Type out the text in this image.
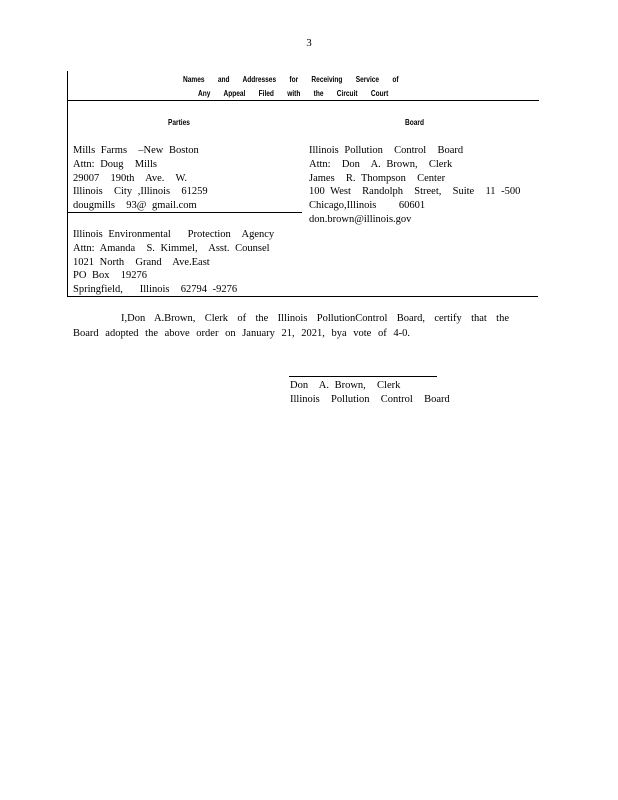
3
Names and Addresses for Receiving Service of
Any Appeal Filed with the Circuit Court
Parties	Board
Mills Farms  –New Boston
Attn: Doug  Mills
29007  190th  Ave.  W.
Illinois  City ,Illinois  61259
dougmills  93@ gmail.com
Illinois Environmental   Protection  Agency
Attn: Amanda  S. Kimmel,  Asst. Counsel
1021 North  Grand  Ave.East
PO Box  19276
Springfield,   Illinois  62794 -9276
Illinois Pollution  Control  Board
Attn:  Don  A. Brown,  Clerk
James  R. Thompson  Center
100 West  Randolph  Street,  Suite  11 -500
Chicago,Illinois    60601
don.brown@illinois.gov
I,Don A.Brown, Clerk of the Illinois PollutionControl Board, certify that the Board adopted the above order on January 21, 2021, bya vote of 4-0.
Don  A. Brown,  Clerk
Illinois  Pollution  Control  Board
